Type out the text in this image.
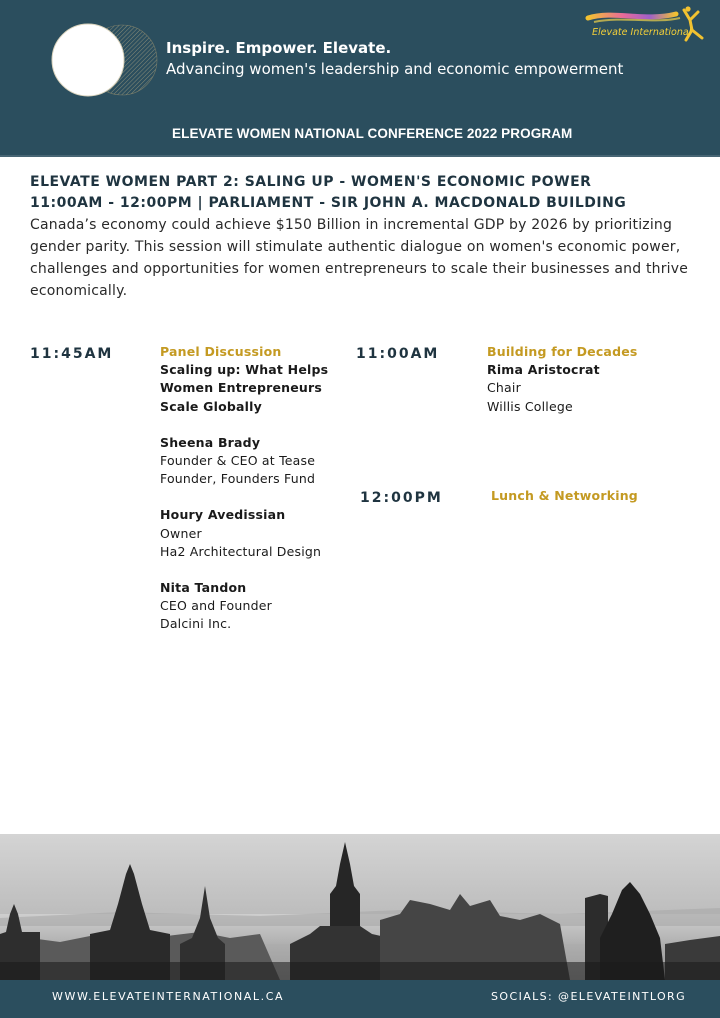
Inspire. Empower. Elevate.
Advancing women's leadership and economic empowerment
Elevate International
ELEVATE WOMEN NATIONAL CONFERENCE 2022 PROGRAM
ELEVATE WOMEN PART 2: SALING UP - WOMEN'S ECONOMIC POWER
11:00AM - 12:00PM | PARLIAMENT - SIR JOHN A. MACDONALD BUILDING
Canada’s economy could achieve $150 Billion in incremental GDP by 2026 by prioritizing gender parity. This session will stimulate authentic dialogue on women's economic power, challenges and opportunities for women entrepreneurs to scale their businesses and thrive economically.
11:45AM	Panel Discussion
Scaling up: What Helps
Women Entrepreneurs
Scale Globally
Sheena Brady
Founder & CEO at Tease
Founder, Founders Fund
Houry Avedissian
Owner
Ha2 Architectural Design
Nita Tandon
CEO and Founder
Dalcini Inc.
11:00AM	Building for Decades
Rima Aristocrat
Chair
Willis College
12:00PM	Lunch & Networking
WWW.ELEVATEINTERNATIONAL.CA	SOCIALS: @ELEVATEINTLORG
